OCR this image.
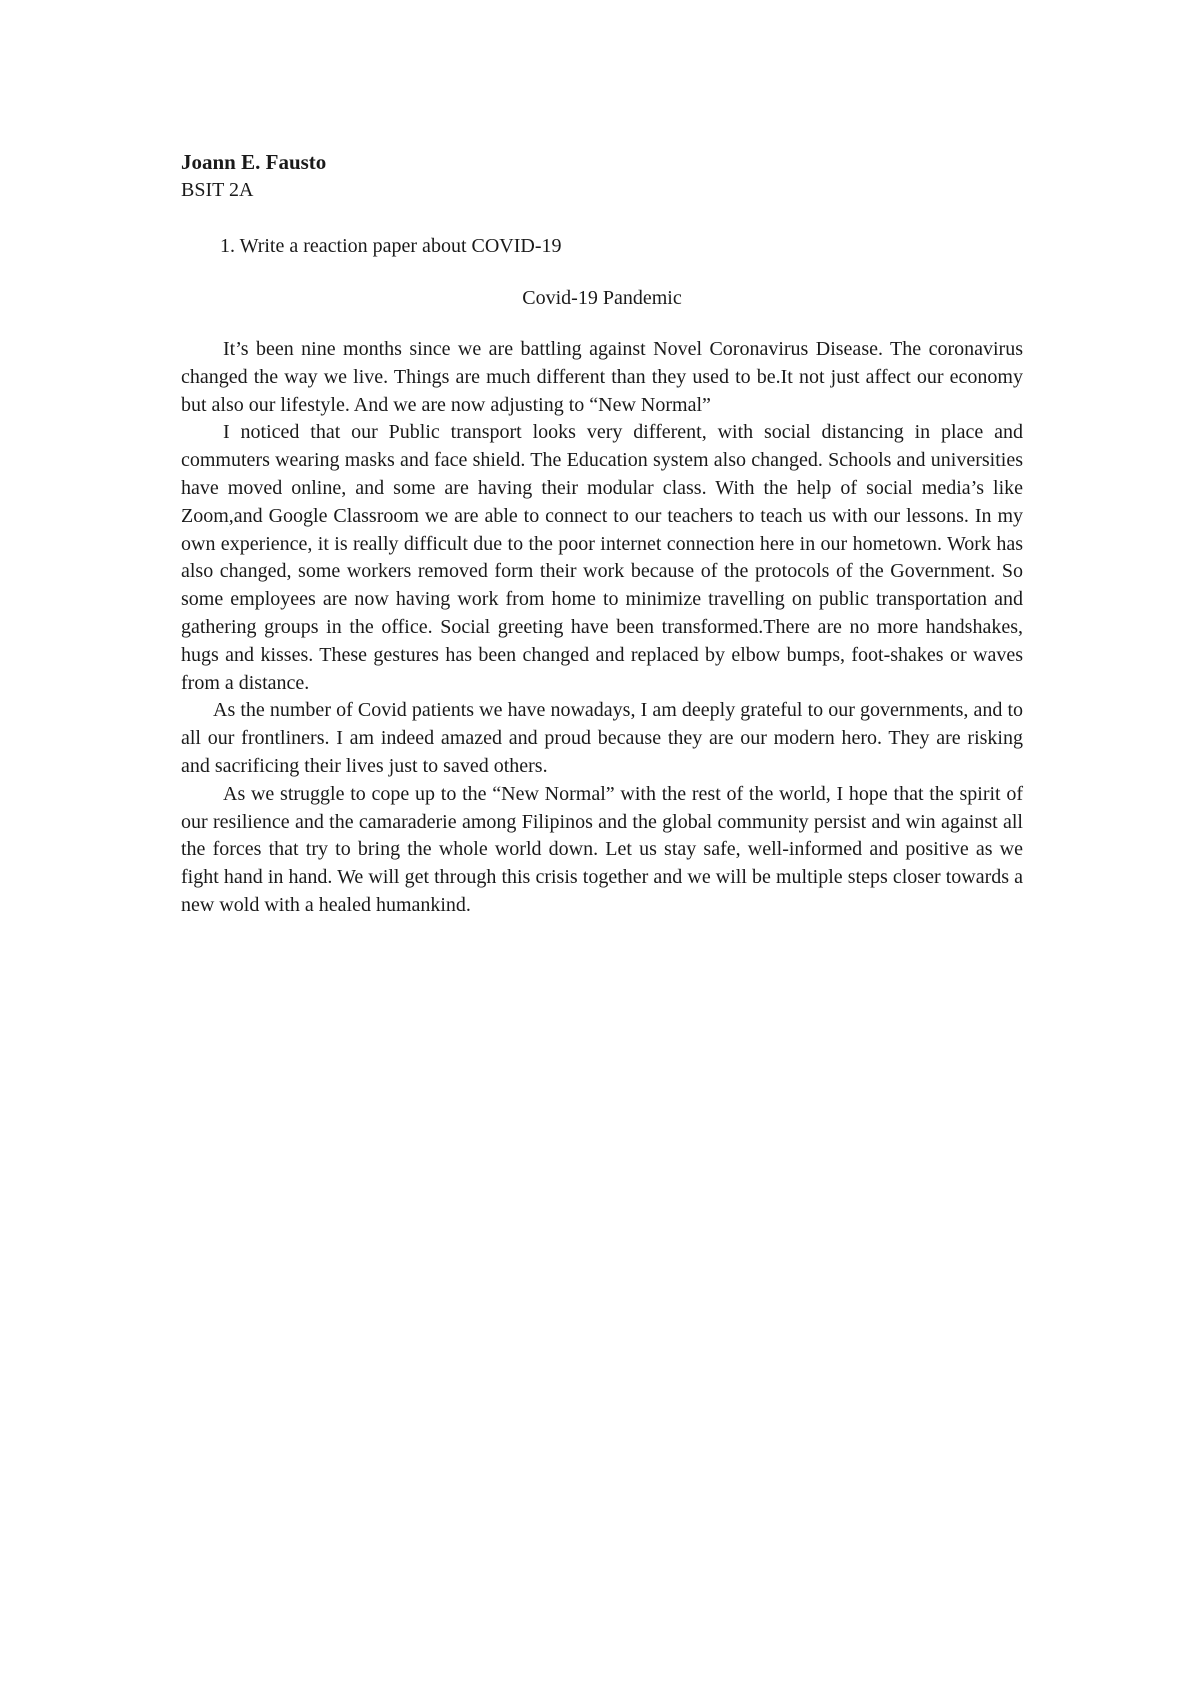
Joann E. Fausto
BSIT 2A
1. Write a reaction paper about COVID-19
Covid-19 Pandemic

It’s been nine months since we are battling against Novel Coronavirus Disease. The coronavirus changed the way we live. Things are much different than they used to be.It not just affect our economy but also our lifestyle. And we are now adjusting to “New Normal”

I noticed that our Public transport looks very different, with social distancing in place and commuters wearing masks and face shield. The Education system also changed. Schools and universities have moved online, and some are having their modular class. With the help of social media’s like Zoom,and Google Classroom we are able to connect to our teachers to teach us with our lessons. In my own experience, it is really difficult due to the poor internet connection here in our hometown. Work has also changed, some workers removed form their work because of the protocols of the Government. So some employees are now having work from home to minimize travelling on public transportation and gathering groups in the office. Social greeting have been transformed.There are no more handshakes, hugs and kisses. These gestures has been changed and replaced by elbow bumps, foot-shakes or waves from a distance.

As the number of Covid patients we have nowadays, I am deeply grateful to our governments, and to all our frontliners. I am indeed amazed and proud because they are our modern hero. They are risking and sacrificing their lives just to saved others.

As we struggle to cope up to the “New Normal” with the rest of the world, I hope that the spirit of our resilience and the camaraderie among Filipinos and the global community persist and win against all the forces that try to bring the whole world down. Let us stay safe, well-informed and positive as we fight hand in hand. We will get through this crisis together and we will be multiple steps closer towards a new wold with a healed humankind.
